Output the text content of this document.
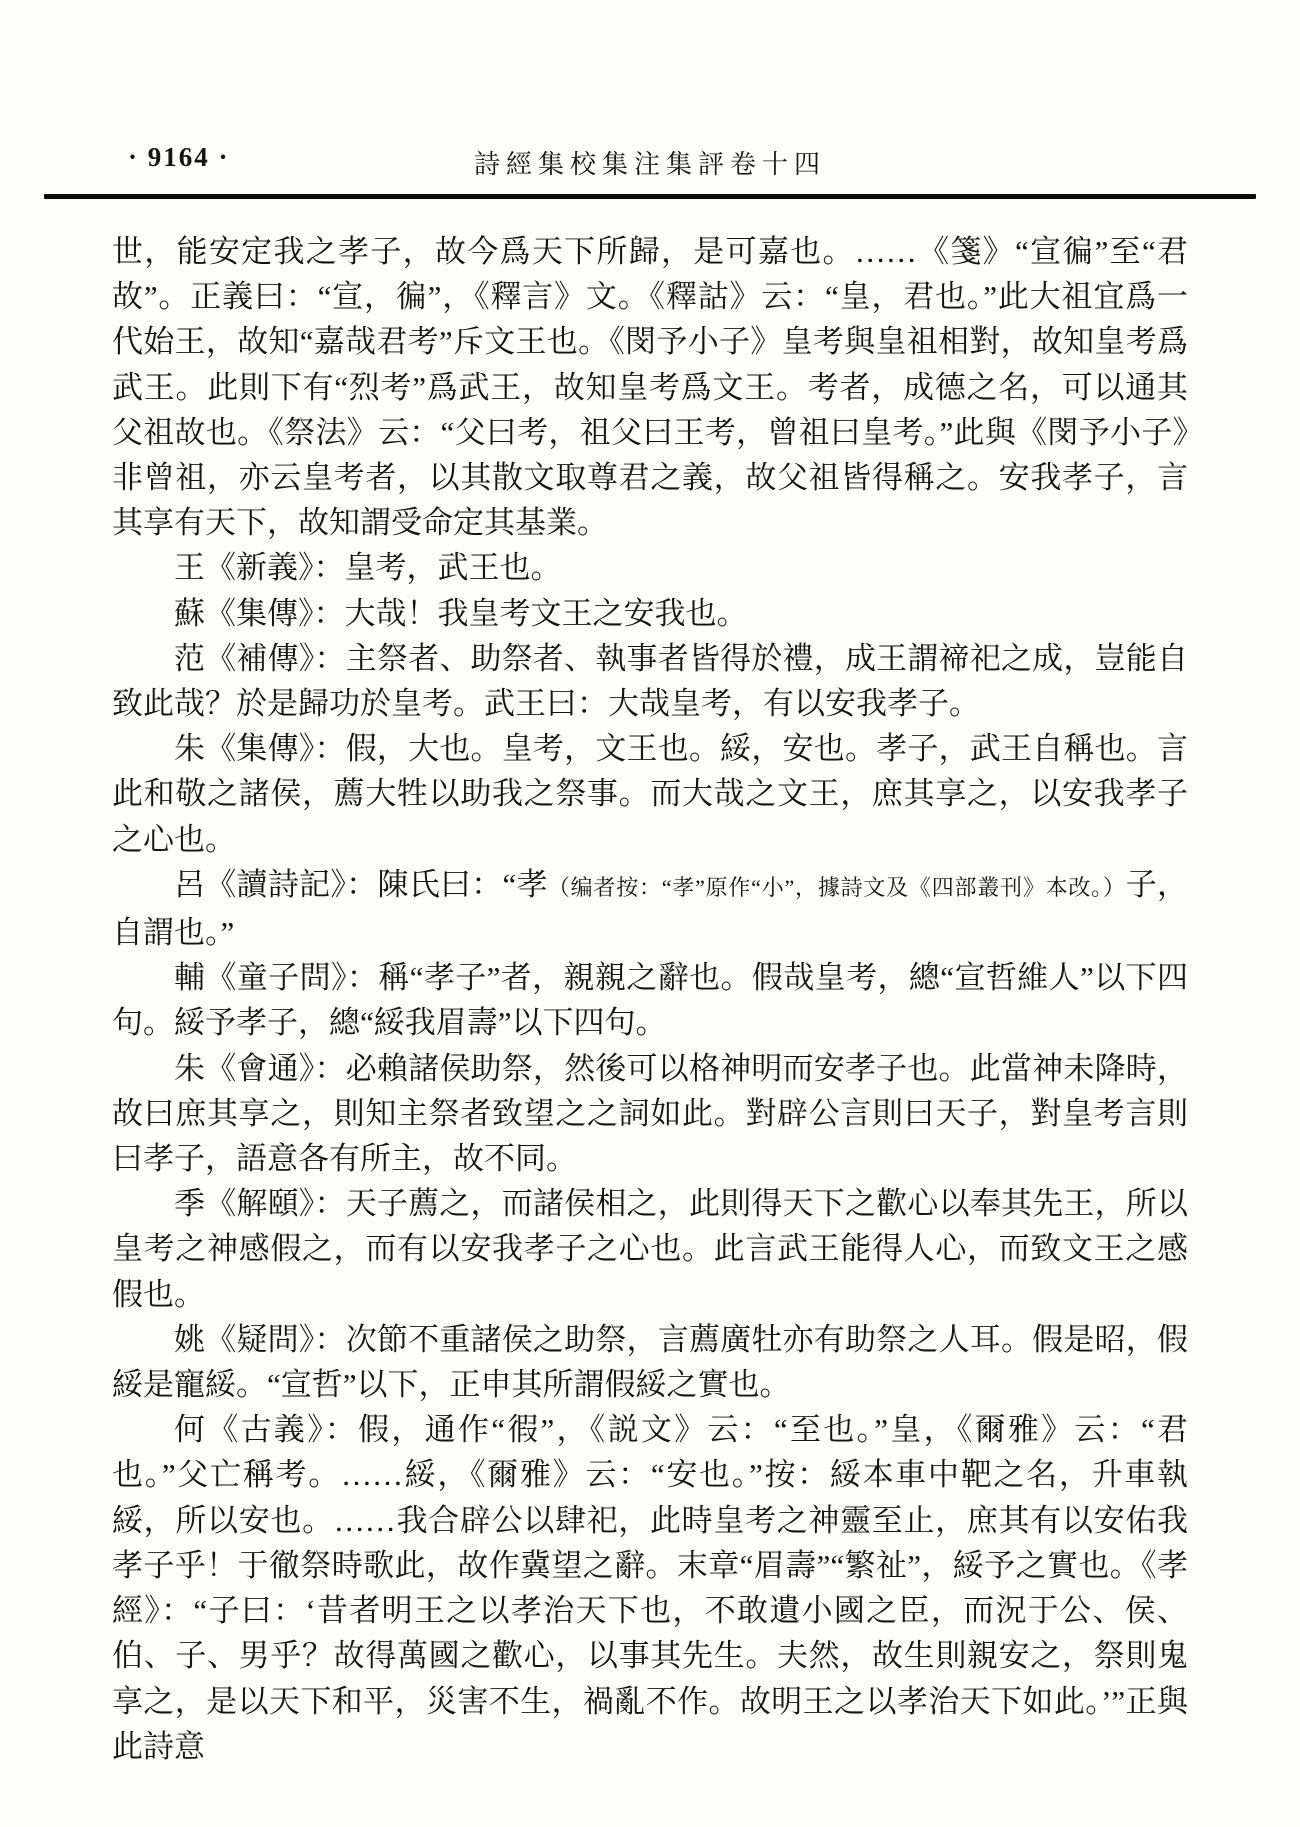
· 9164 ·	詩經集校集注集評卷十四

世，能安定我之孝子，故今爲天下所歸，是可嘉也。……《箋》“宣徧”至“君故”。正義曰：“宣，徧”，《釋言》文。《釋詁》云：“皇，君也。”此大祖宜爲一代始王，故知“嘉哉君考”斥文王也。《閔予小子》皇考與皇祖相對，故知皇考爲武王。此則下有“烈考”爲武王，故知皇考爲文王。考者，成德之名，可以通其父祖故也。《祭法》云：“父曰考，祖父曰王考，曾祖曰皇考。”此與《閔予小子》非曾祖，亦云皇考者，以其散文取尊君之義，故父祖皆得稱之。安我孝子，言其享有天下，故知謂受命定其基業。

王《新義》：皇考，武王也。

蘇《集傳》：大哉！我皇考文王之安我也。

范《補傳》：主祭者、助祭者、執事者皆得於禮，成王謂禘祀之成，豈能自致此哉？於是歸功於皇考。武王曰：大哉皇考，有以安我孝子。

朱《集傳》：假，大也。皇考，文王也。綏，安也。孝子，武王自稱也。言此和敬之諸侯，薦大牲以助我之祭事。而大哉之文王，庶其享之，以安我孝子之心也。

呂《讀詩記》：陳氏曰：“孝（编者按：“孝”原作“小”，據詩文及《四部叢刊》本改。）子，自謂也。”

輔《童子問》：稱“孝子”者，親親之辭也。假哉皇考，總“宣哲維人”以下四句。綏予孝子，總“綏我眉壽”以下四句。

朱《會通》：必賴諸侯助祭，然後可以格神明而安孝子也。此當神未降時，故曰庶其享之，則知主祭者致望之之詞如此。對辟公言則曰天子，對皇考言則曰孝子，語意各有所主，故不同。

季《解頤》：天子薦之，而諸侯相之，此則得天下之歡心以奉其先王，所以皇考之神感假之，而有以安我孝子之心也。此言武王能得人心，而致文王之感假也。

姚《疑問》：次節不重諸侯之助祭，言薦廣牡亦有助祭之人耳。假是昭，假綏是寵綏。“宣哲”以下，正申其所謂假綏之實也。

何《古義》：假，通作“徦”，《説文》云：“至也。”皇，《爾雅》云：“君也。”父亡稱考。……綏，《爾雅》云：“安也。”按：綏本車中靶之名，升車執綏，所以安也。……我合辟公以肆祀，此時皇考之神靈至止，庶其有以安佑我孝子乎！于徹祭時歌此，故作冀望之辭。末章“眉壽”“繁祉”，綏予之實也。《孝經》：“子曰：‘昔者明王之以孝治天下也，不敢遺小國之臣，而況于公、侯、伯、子、男乎？故得萬國之歡心，以事其先生。夫然，故生則親安之，祭則鬼享之，是以天下和平，災害不生，禍亂不作。故明王之以孝治天下如此。’”正與此詩意
